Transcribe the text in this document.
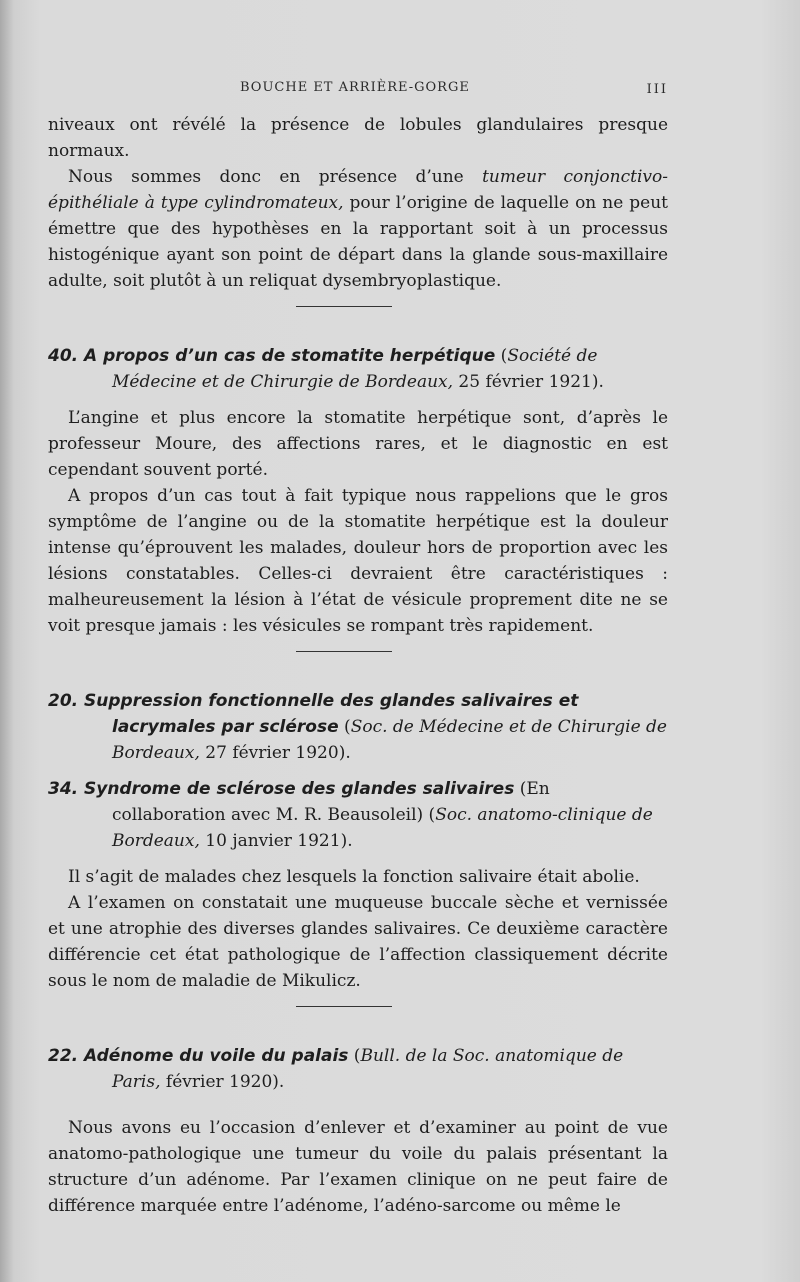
BOUCHE ET ARRIÈRE-GORGE	III

niveaux ont révélé la présence de lobules glandulaires presque normaux.

Nous sommes donc en présence d’une tumeur conjonctivo-épithéliale à type cylindromateux, pour l’origine de laquelle on ne peut émettre que des hypothèses en la rapportant soit à un processus histogénique ayant son point de départ dans la glande sous-maxillaire adulte, soit plutôt à un reliquat dysembryoplastique.

40. A propos d’un cas de stomatite herpétique (Société de Médecine et de Chirurgie de Bordeaux, 25 février 1921).

L’angine et plus encore la stomatite herpétique sont, d’après le professeur Moure, des affections rares, et le diagnostic en est cependant souvent porté.

A propos d’un cas tout à fait typique nous rappelions que le gros symptôme de l’angine ou de la stomatite herpétique est la douleur intense qu’éprouvent les malades, douleur hors de proportion avec les lésions constatables. Celles-ci devraient être caractéristiques : malheureusement la lésion à l’état de vésicule proprement dite ne se voit presque jamais : les vésicules se rompant très rapidement.

20. Suppression fonctionnelle des glandes salivaires et lacrymales par sclérose (Soc. de Médecine et de Chirurgie de Bordeaux, 27 février 1920).

34. Syndrome de sclérose des glandes salivaires (En collaboration avec M. R. Beausoleil) (Soc. anatomo-clinique de Bordeaux, 10 janvier 1921).

Il s’agit de malades chez lesquels la fonction salivaire était abolie.

A l’examen on constatait une muqueuse buccale sèche et vernissée et une atrophie des diverses glandes salivaires. Ce deuxième caractère différencie cet état pathologique de l’affection classiquement décrite sous le nom de maladie de Mikulicz.

22. Adénome du voile du palais (Bull. de la Soc. anatomique de Paris, février 1920).

Nous avons eu l’occasion d’enlever et d’examiner au point de vue anatomo-pathologique une tumeur du voile du palais présentant la structure d’un adénome. Par l’examen clinique on ne peut faire de différence marquée entre l’adénome, l’adéno-sarcome ou même le
